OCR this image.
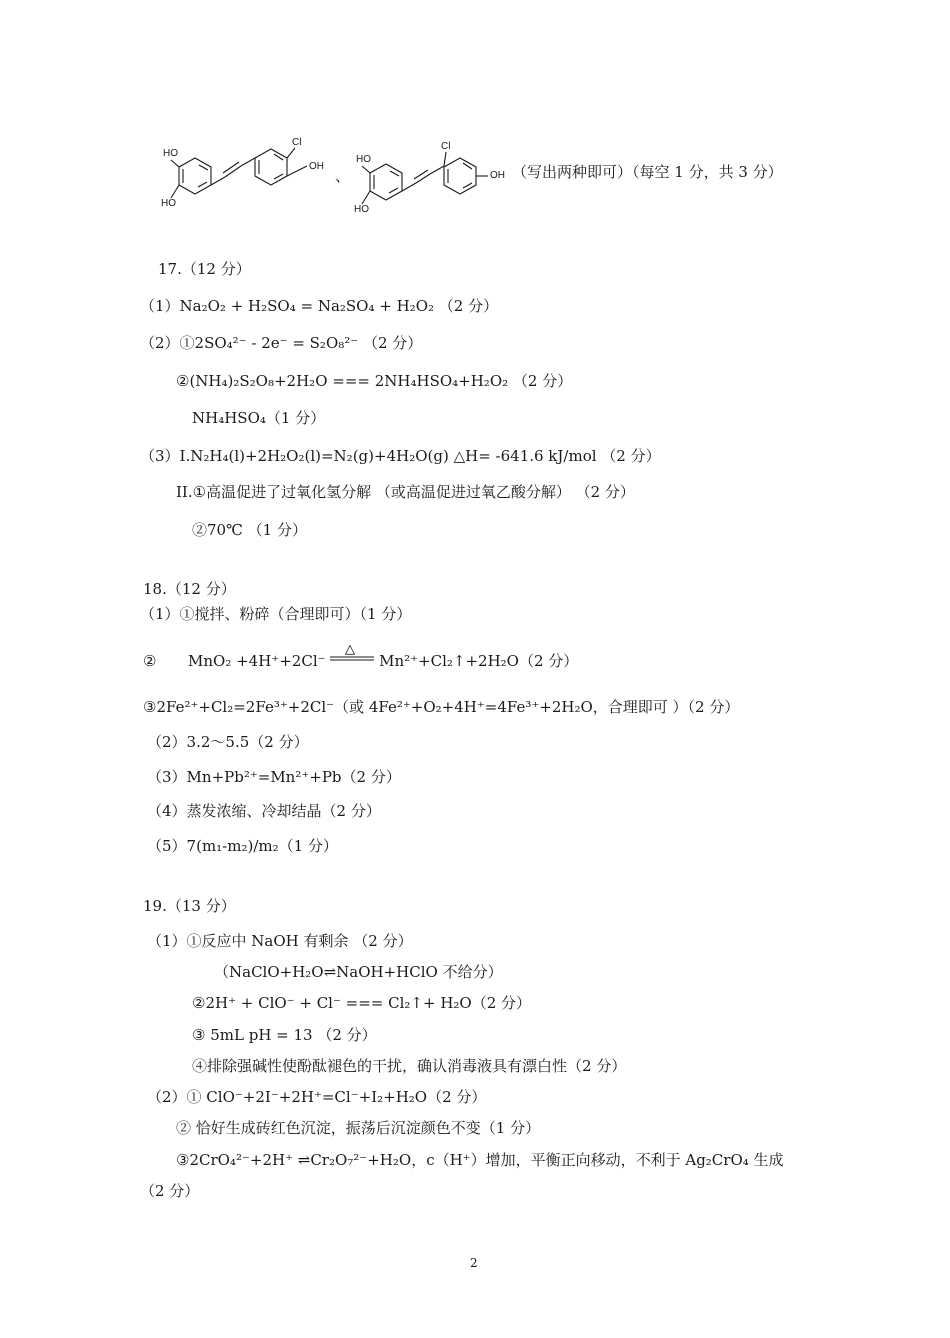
HO
HO
Cl
OH
、
HO
HO
Cl
OH （写出两种即可）（每空 1 分，共 3 分）
17.（12 分）
（1）Na₂O₂ + H₂SO₄ = Na₂SO₄ + H₂O₂ （2 分）
（2）①2SO₄²⁻ - 2e⁻ = S₂O₈²⁻ （2 分）
②(NH₄)₂S₂O₈+2H₂O === 2NH₄HSO₄+H₂O₂ （2 分）
NH₄HSO₄（1 分）
（3）I.N₂H₄(l)+2H₂O₂(l)=N₂(g)+4H₂O(g) △H= -641.6 kJ/mol （2 分）
II.①高温促进了过氧化氢分解 （或高温促进过氧乙酸分解） （2 分）
②70℃ （1 分）
18.（12 分）
（1）①搅拌、粉碎（合理即可）（1 分）
② MnO₂ +4H⁺+2Cl⁻
△
Mn²⁺+Cl₂↑+2H₂O（2 分）
③2Fe²⁺+Cl₂=2Fe³⁺+2Cl⁻（或 4Fe²⁺+O₂+4H⁺=4Fe³⁺+2H₂O，合理即可 ）（2 分）
（2）3.2～5.5（2 分）
（3）Mn+Pb²⁺=Mn²⁺+Pb（2 分）
（4）蒸发浓缩、冷却结晶（2 分）
（5）7(m₁-m₂)/m₂（1 分）
19.（13 分）
（1）①反应中 NaOH 有剩余 （2 分）
（NaClO+H₂O⇌NaOH+HClO 不给分）
②2H⁺ + ClO⁻ + Cl⁻ === Cl₂↑+ H₂O（2 分）
③ 5mL pH = 13 （2 分）
④排除强碱性使酚酞褪色的干扰，确认消毒液具有漂白性（2 分）
（2）① ClO⁻+2I⁻+2H⁺=Cl⁻+I₂+H₂O（2 分）
② 恰好生成砖红色沉淀，振荡后沉淀颜色不变（1 分）
③2CrO₄²⁻+2H⁺ ⇌Cr₂O₇²⁻+H₂O，c（H⁺）增加，平衡正向移动，不利于 Ag₂CrO₄ 生成
（2 分）
2
